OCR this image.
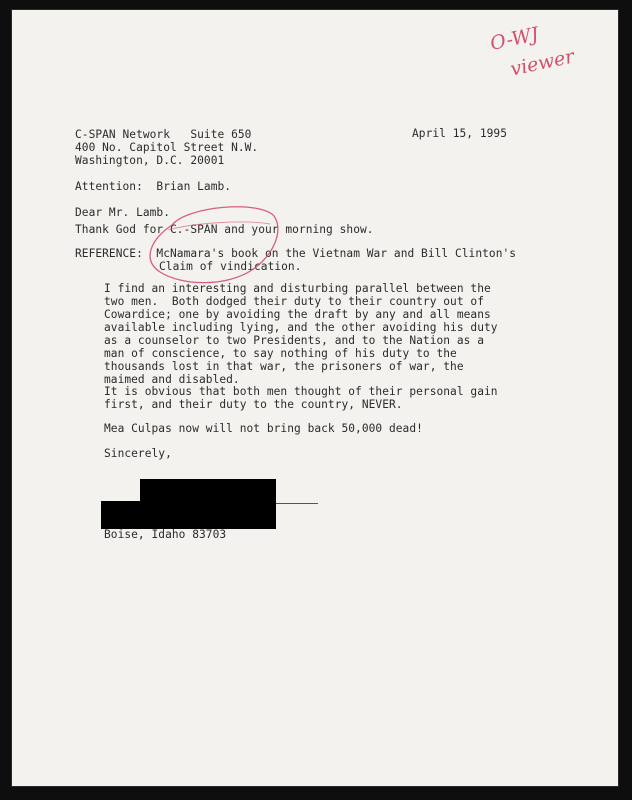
O-WJ
viewer
C-SPAN Network   Suite 650
400 No. Capitol Street N.W.
Washington, D.C. 20001
April 15, 1995
Attention:  Brian Lamb.
Dear Mr. Lamb.
Thank God for C.-SPAN and your morning show.
REFERENCE:  McNamara's book on the Vietnam War and Bill Clinton's
Claim of vindication.
I find an interesting and disturbing parallel between the
two men.  Both dodged their duty to their country out of
Cowardice; one by avoiding the draft by any and all means
available including lying, and the other avoiding his duty
as a counselor to two Presidents, and to the Nation as a
man of conscience, to say nothing of his duty to the
thousands lost in that war, the prisoners of war, the
maimed and disabled.
It is obvious that both men thought of their personal gain
first, and their duty to the country, NEVER.
Mea Culpas now will not bring back 50,000 dead!
Sincerely,
Boise, Idaho 83703
